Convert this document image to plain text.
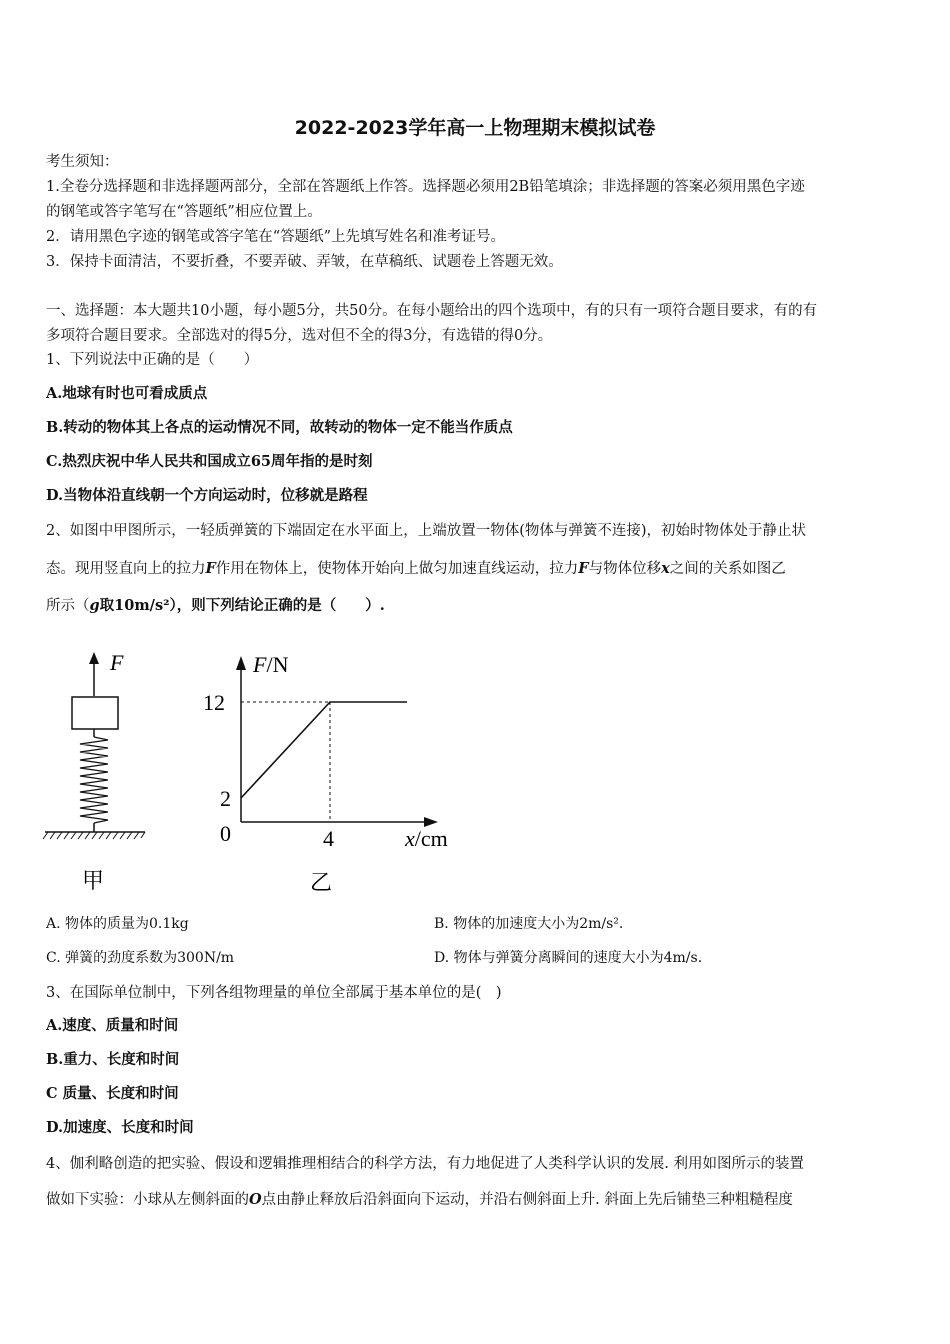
2022-2023学年高一上物理期末模拟试卷
考生须知：
1.全卷分选择题和非选择题两部分，全部在答题纸上作答。选择题必须用2B铅笔填涂；非选择题的答案必须用黑色字迹
的钢笔或答字笔写在“答题纸”相应位置上。
2．请用黑色字迹的钢笔或答字笔在“答题纸”上先填写姓名和准考证号。
3．保持卡面清洁，不要折叠，不要弄破、弄皱，在草稿纸、试题卷上答题无效。
一、选择题：本大题共10小题，每小题5分，共50分。在每小题给出的四个选项中，有的只有一项符合题目要求，有的有
多项符合题目要求。全部选对的得5分，选对但不全的得3分，有选错的得0分。
1、下列说法中正确的是（　　）
A.地球有时也可看成质点
B.转动的物体其上各点的运动情况不同，故转动的物体一定不能当作质点
C.热烈庆祝中华人民共和国成立65周年指的是时刻
D.当物体沿直线朝一个方向运动时，位移就是路程
2、如图中甲图所示，一轻质弹簧的下端固定在水平面上，上端放置一物体(物体与弹簧不连接)，初始时物体处于静止状
态。现用竖直向上的拉力F作用在物体上，使物体开始向上做匀加速直线运动，拉力F与物体位移x之间的关系如图乙
所示（g取10m/s²），则下列结论正确的是（　　）.
F
甲
F/N
12
2
0	4	x/cm
乙
A. 物体的质量为0.1kg	B. 物体的加速度大小为2m/s².
C. 弹簧的劲度系数为300N/m	D. 物体与弹簧分离瞬间的速度大小为4m/s.
3、在国际单位制中，下列各组物理量的单位全部属于基本单位的是(　)
A.速度、质量和时间
B.重力、长度和时间
C 质量、长度和时间
D.加速度、长度和时间
4、伽利略创造的把实验、假设和逻辑推理相结合的科学方法，有力地促进了人类科学认识的发展. 利用如图所示的装置
做如下实验：小球从左侧斜面的O点由静止释放后沿斜面向下运动，并沿右侧斜面上升. 斜面上先后铺垫三种粗糙程度
